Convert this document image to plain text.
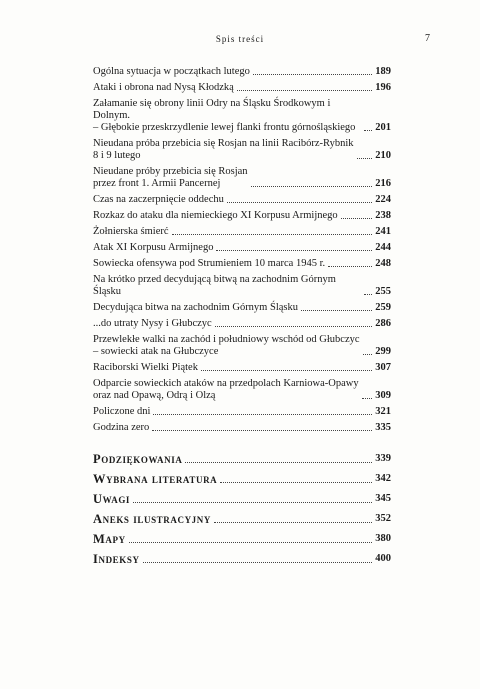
Spis treści	7
Ogólna sytuacja w początkach lutego	189
Ataki i obrona nad Nysą Kłodzką	196
Załamanie się obrony linii Odry na Śląsku Środkowym i Dolnym.
– Głębokie przeskrzydlenie lewej flanki frontu górnośląskiego	201
Nieudana próba przebicia się Rosjan na linii Racibórz-Rybnik
8 i 9 lutego	210
Nieudane próby przebicia się Rosjan
przez front 1. Armii Pancernej	216
Czas na zaczerpnięcie oddechu	224
Rozkaz do ataku dla niemieckiego XI Korpusu Armijnego	238
Żołnierska śmierć	241
Atak XI Korpusu Armijnego	244
Sowiecka ofensywa pod Strumieniem 10 marca 1945 r.	248
Na krótko przed decydującą bitwą na zachodnim Górnym Śląsku	255
Decydująca bitwa na zachodnim Górnym Śląsku	259
...do utraty Nysy i Głubczyc	286
Przewlekłe walki na zachód i południowy wschód od Głubczyc
– sowiecki atak na Głubczyce	299
Raciborski Wielki Piątek	307
Odparcie sowieckich ataków na przedpolach Karniowa-Opawy
oraz nad Opawą, Odrą i Olzą	309
Policzone dni	321
Godzina zero	335
Podziękowania	339
Wybrana literatura	342
Uwagi	345
Aneks ilustracyjny	352
Mapy	380
Indeksy	400
